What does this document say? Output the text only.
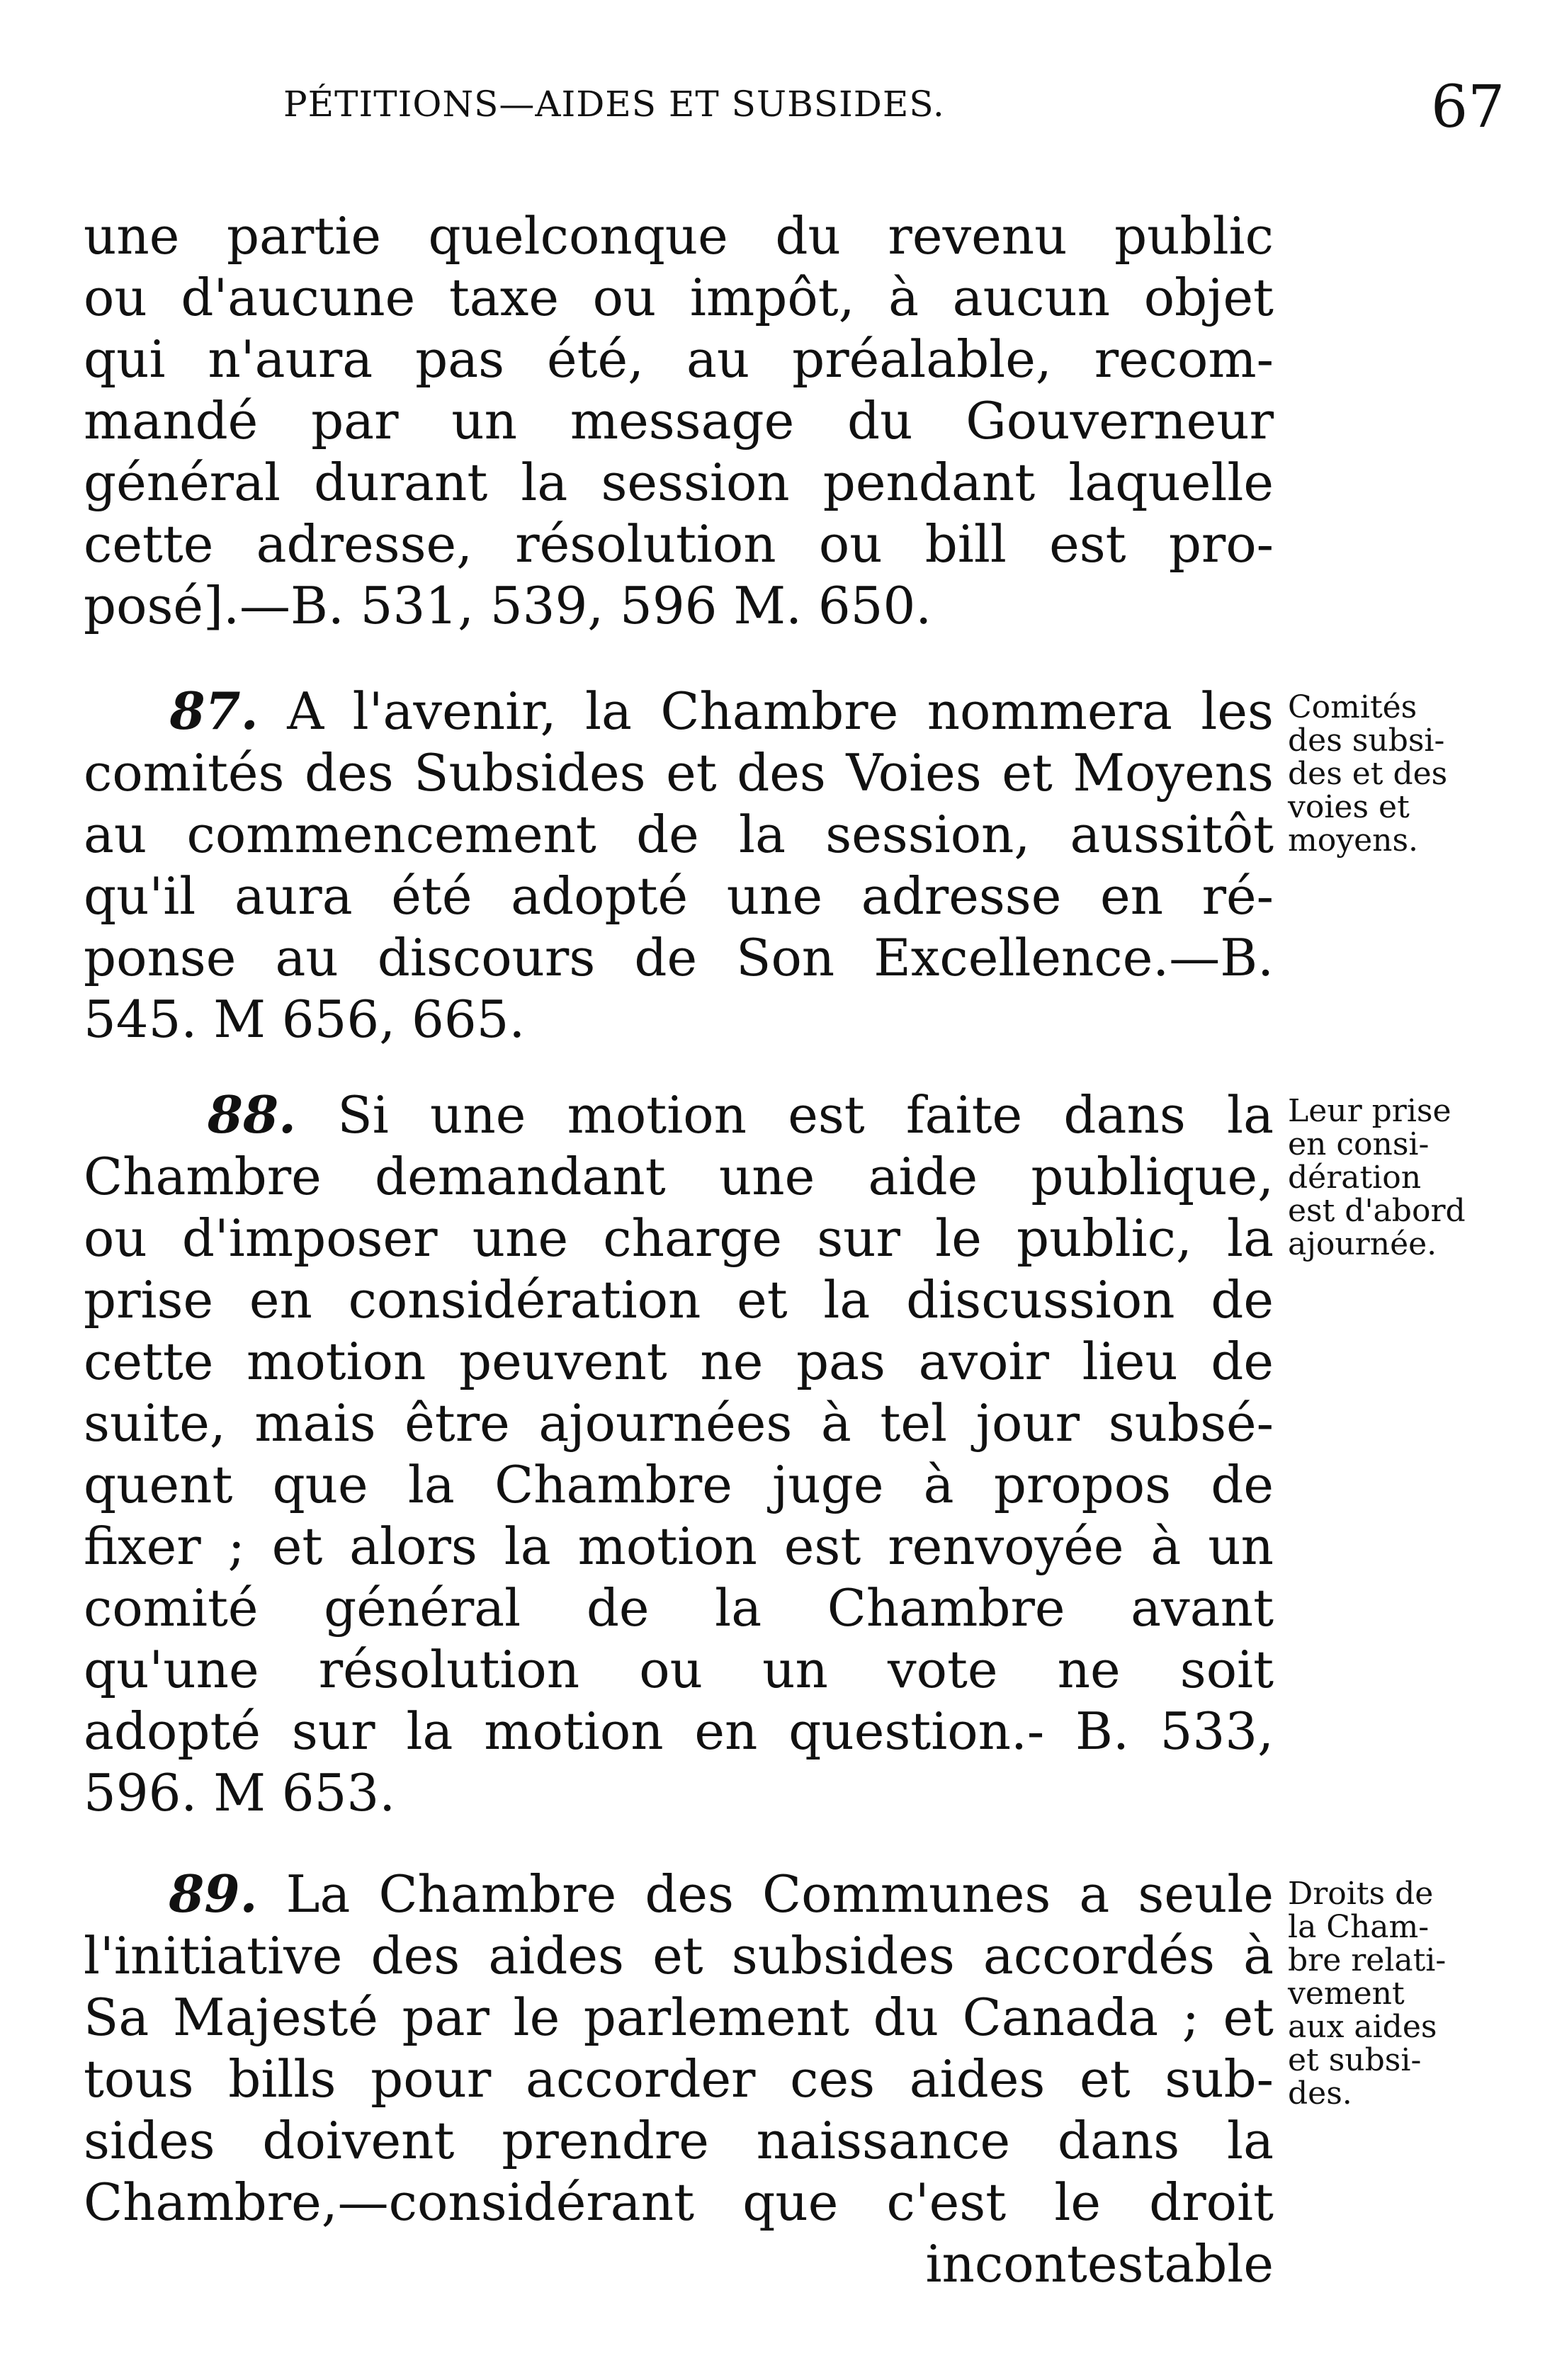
PÉTITIONS—AIDES ET SUBSIDES.	67
une partie quelconque du revenu public
ou d'aucune taxe ou impôt, à aucun objet
qui n'aura pas été, au préalable, recom-
mandé par un message du Gouverneur
général durant la session pendant laquelle
cette adresse, résolution ou bill est pro-
posé].—B. 531, 539, 596 M. 650.
87. A l'avenir, la Chambre nommera les
comités des Subsides et des Voies et Moyens
au commencement de la session, aussitôt
qu'il aura été adopté une adresse en ré-
ponse au discours de Son Excellence.—B.
545. M 656, 665.
88. Si une motion est faite dans la
Chambre demandant une aide publique,
ou d'imposer une charge sur le public, la
prise en considération et la discussion de
cette motion peuvent ne pas avoir lieu de
suite, mais être ajournées à tel jour subsé-
quent que la Chambre juge à propos de
fixer ; et alors la motion est renvoyée à un
comité général de la Chambre avant
qu'une résolution ou un vote ne soit
adopté sur la motion en question.- B. 533,
596. M 653.
89. La Chambre des Communes a seule
l'initiative des aides et subsides accordés à
Sa Majesté par le parlement du Canada ; et
tous bills pour accorder ces aides et sub-
sides doivent prendre naissance dans la
Chambre,—considérant que c'est le droit
incontestable
Comités
des subsi-
des et des
voies et
moyens.
Leur prise
en consi-
dération
est d'abord
ajournée.
Droits de
la Cham-
bre relati-
vement
aux aides
et subsi-
des.
